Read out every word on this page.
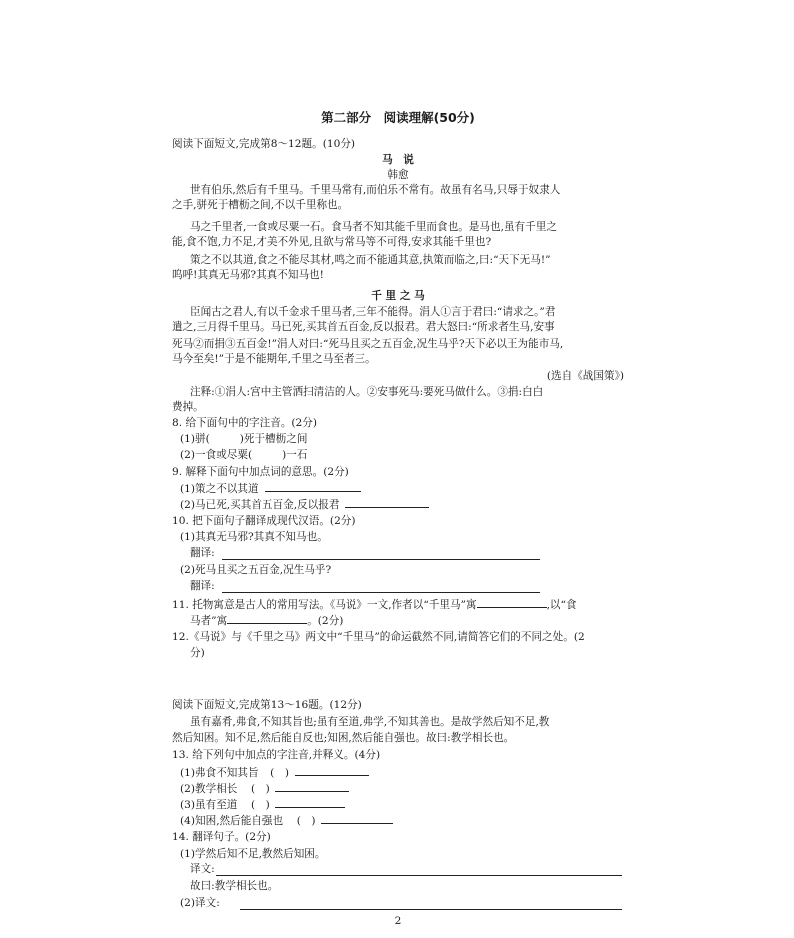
第二部分　阅读理解(50分)
阅读下面短文,完成第8～12题。(10分)
马　说
韩愈
世有伯乐,然后有千里马。千里马常有,而伯乐不常有。故虽有名马,只辱于奴隶人
之手,骈死于槽枥之间,不以千里称也。
马之千里者,一食或尽粟一石。食马者不知其能千里而食也。是马也,虽有千里之
能,食不饱,力不足,才美不外见,且欲与常马等不可得,安求其能千里也?
策之不以其道,食之不能尽其材,鸣之而不能通其意,执策而临之,曰:“天下无马!”
呜呼!其真无马邪?其真不知马也!
千 里 之 马
臣闻古之君人,有以千金求千里马者,三年不能得。涓人①言于君曰:“请求之。”君
遣之,三月得千里马。马已死,买其首五百金,反以报君。君大怒曰:“所求者生马,安事
死马②而捐③五百金!”涓人对曰:“死马且买之五百金,况生马乎?天下必以王为能市马,
马今至矣!”于是不能期年,千里之马至者三。
(选自《战国策》)
注释:①涓人:宫中主管洒扫清洁的人。②安事死马:要死马做什么。③捐:白白
费掉。
8. 给下面句中的字注音。(2分)
(1)骈(	)死于槽枥之间
(2)一食或尽粟(	)一石
9. 解释下面句中加点词的意思。(2分)
(1)策之不以其道
(2)马已死,买其首五百金,反以报君
10. 把下面句子翻译成现代汉语。(2分)
(1)其真无马邪?其真不知马也。
翻译:
(2)死马且买之五百金,况生马乎?
翻译:
11. 托物寓意是古人的常用写法。《马说》一文,作者以“千里马”寓	,以“食
马者”寓	。(2分)
12.《马说》与《千里之马》两文中“千里马”的命运截然不同,请简答它们的不同之处。(2
分)
阅读下面短文,完成第13～16题。(12分)
虽有嘉肴,弗食,不知其旨也;虽有至道,弗学,不知其善也。是故学然后知不足,教
然后知困。知不足,然后能自反也;知困,然后能自强也。故曰:教学相长也。
13. 给下列句中加点的字注音,并释义。(4分)
(1)弗食不知其旨 (　)
(2)教学相长 (　)
(3)虽有至道 (　)
(4)知困,然后能自强也 (　)
14. 翻译句子。(2分)
(1)学然后知不足,教然后知困。
译文:
故曰:教学相长也。
(2)译文:
2
